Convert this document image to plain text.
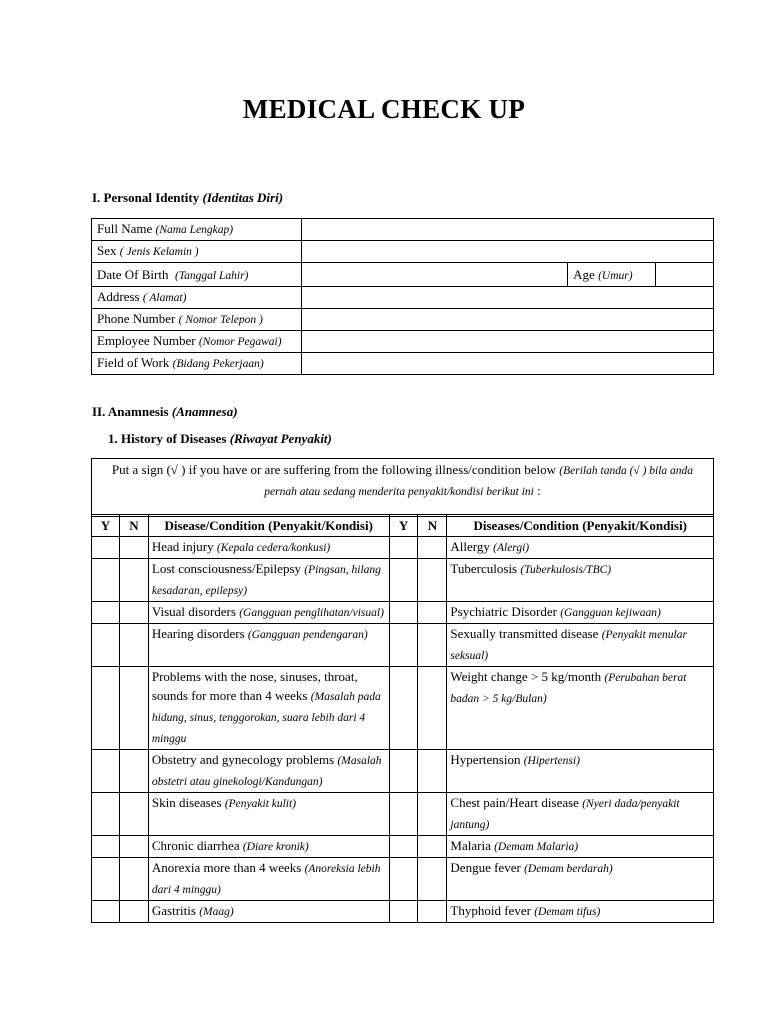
MEDICAL CHECK UP
I. Personal Identity (Identitas Diri)
Full Name (Nama Lengkap)			
Sex ( Jenis Kelamin )			
Date Of Birth (Tanggal Lahir)		Age (Umur)	
Address ( Alamat)			
Phone Number ( Nomor Telepon )			
Employee Number (Nomor Pegawai)			
Field of Work (Bidang Pekerjaan)			
II. Anamnesis (Anamnesa)
1. History of Diseases (Riwayat Penyakit)
Put a sign (√ ) if you have or are suffering from the following illness/condition below (Berilah tanda (√ ) bila anda pernah atau sedang menderita penyakit/kondisi berikut ini :
Y	N	Disease/Condition (Penyakit/Kondisi)	Y	N	Diseases/Condition (Penyakit/Kondisi)
		Head injury (Kepala cedera/konkusi)			Allergy (Alergi)
		Lost consciousness/Epilepsy (Pingsan, hilang kesadaran, epilepsy)			Tuberculosis (Tuberkulosis/TBC)
		Visual disorders (Gangguan penglihatan/visual)			Psychiatric Disorder (Gangguan kejiwaan)
		Hearing disorders (Gangguan pendengaran)			Sexually transmitted disease (Penyakit menular seksual)
		Problems with the nose, sinuses, throat, sounds for more than 4 weeks (Masalah pada hidung, sinus, tenggorokan, suara lebih dari 4 minggu			Weight change > 5 kg/month (Perubahan berat badan > 5 kg/Bulan)
		Obstetry and gynecology problems (Masalah obstetri atau ginekologi/Kandungan)			Hypertension (Hipertensi)
		Skin diseases (Penyakit kulit)			Chest pain/Heart disease (Nyeri dada/penyakit jantung)
		Chronic diarrhea (Diare kronik)			Malaria (Demam Malaria)
		Anorexia more than 4 weeks (Anoreksia lebih dari 4 minggu)			Dengue fever (Demam berdarah)
		Gastritis (Maag)			Thyphoid fever (Demam tifus)
